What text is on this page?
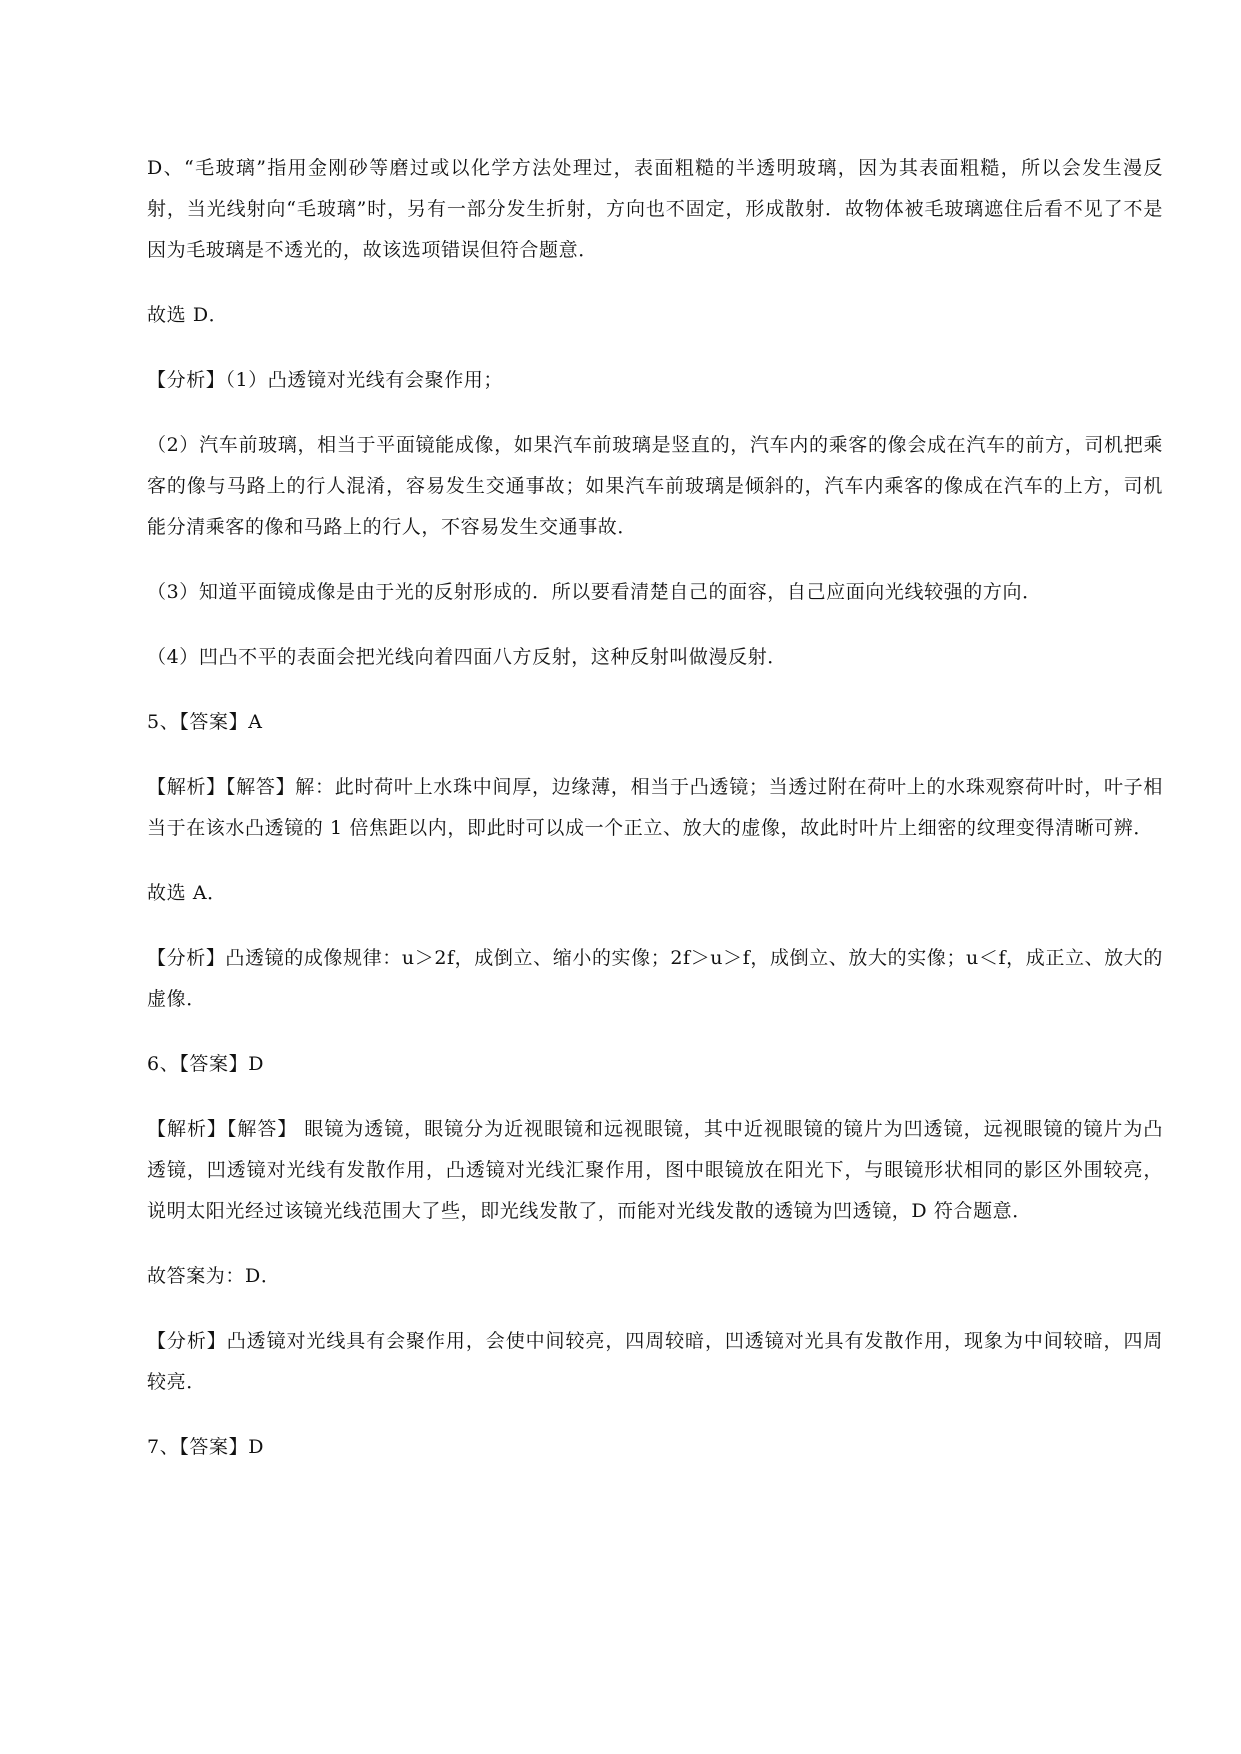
D、“毛玻璃”指用金刚砂等磨过或以化学方法处理过，表面粗糙的半透明玻璃，因为其表面粗糙，所以会发生漫反射，当光线射向“毛玻璃”时，另有一部分发生折射，方向也不固定，形成散射．故物体被毛玻璃遮住后看不见了不是因为毛玻璃是不透光的，故该选项错误但符合题意．

故选 D．

【分析】（1）凸透镜对光线有会聚作用；

（2）汽车前玻璃，相当于平面镜能成像，如果汽车前玻璃是竖直的，汽车内的乘客的像会成在汽车的前方，司机把乘客的像与马路上的行人混淆，容易发生交通事故；如果汽车前玻璃是倾斜的，汽车内乘客的像成在汽车的上方，司机能分清乘客的像和马路上的行人，不容易发生交通事故．

（3）知道平面镜成像是由于光的反射形成的．所以要看清楚自己的面容，自己应面向光线较强的方向．

（4）凹凸不平的表面会把光线向着四面八方反射，这种反射叫做漫反射．

5、【答案】A

【解析】【解答】解：此时荷叶上水珠中间厚，边缘薄，相当于凸透镜；当透过附在荷叶上的水珠观察荷叶时，叶子相当于在该水凸透镜的 1 倍焦距以内，即此时可以成一个正立、放大的虚像，故此时叶片上细密的纹理变得清晰可辨．

故选 A．

【分析】凸透镜的成像规律：u＞2f，成倒立、缩小的实像；2f＞u＞f，成倒立、放大的实像；u＜f，成正立、放大的虚像．

6、【答案】D

【解析】【解答】 眼镜为透镜，眼镜分为近视眼镜和远视眼镜，其中近视眼镜的镜片为凹透镜，远视眼镜的镜片为凸透镜，凹透镜对光线有发散作用，凸透镜对光线汇聚作用，图中眼镜放在阳光下，与眼镜形状相同的影区外围较亮，说明太阳光经过该镜光线范围大了些，即光线发散了，而能对光线发散的透镜为凹透镜，D 符合题意．

故答案为：D．

【分析】凸透镜对光线具有会聚作用，会使中间较亮，四周较暗，凹透镜对光具有发散作用，现象为中间较暗，四周较亮．

7、【答案】D
